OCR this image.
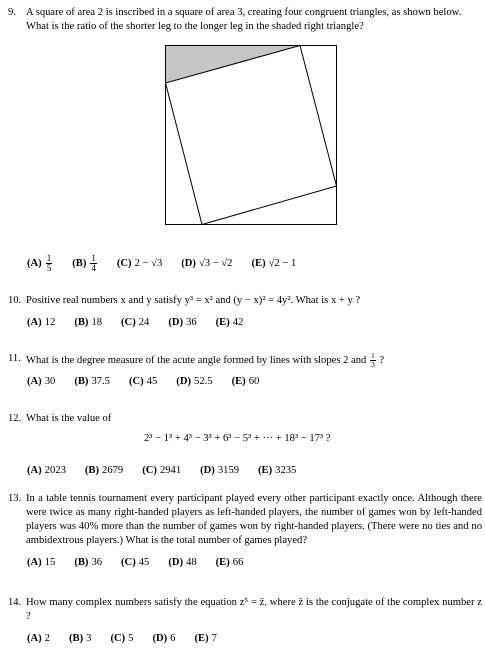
9. A square of area 2 is inscribed in a square of area 3, creating four congruent triangles, as shown below. What is the ratio of the shorter leg to the longer leg in the shaded right triangle?
$(A) \frac{1}{5} (B) \frac{1}{4} (C) 2 - √3$ (D) √3 − √2 (E) √2 − 1
10. Positive real numbers x and y satisfy y³ = x² and (y − x)² = 4y². What is x + y ?
(A) 12 (B) 18 (C) 24 (D) 36 (E) 42
11. What is the degree measure of the acute angle formed by lines with slopes 2 and $\frac{1}{3}$ ?
(A) 30 (B) 37.5 (C) 45 (D) 52.5 (E) 60
12. What is the value of
2³ − 1³ + 4³ − 3³ + 6³ − 5³ + ··· + 18³ − 17³ ?
(A) 2023 (B) 2679 (C) 2941 (D) 3159 (E) 3235
13. In a table tennis tournament every participant played every other participant exactly once. Although there were twice as many right-handed players as left-handed players, the number of games won by left-handed players was 40% more than the number of games won by right-handed players. (There were no ties and no ambidextrous players.) What is the total number of games played?
(A) 15 (B) 36 (C) 45 (D) 48 (E) 66
14. How many complex numbers satisfy the equation z⁵ = z̄, where z̄ is the conjugate of the complex number z ?
(A) 2 (B) 3 (C) 5 (D) 6 (E) 7
